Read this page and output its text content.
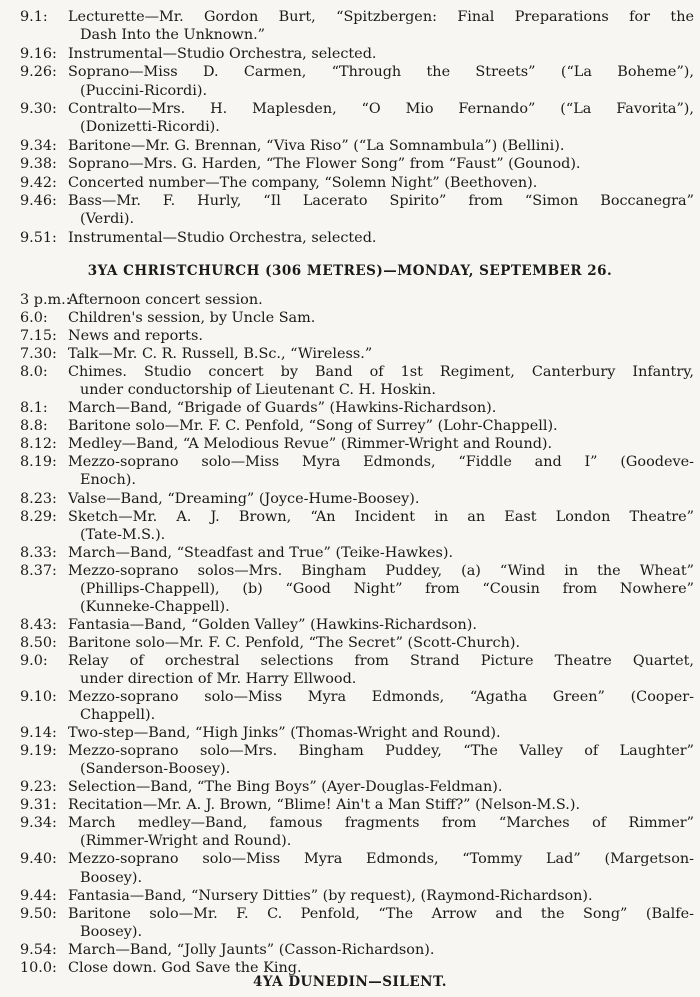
9.1: Lecturette—Mr. Gordon Burt, “Spitzbergen: Final Preparations for the
Dash Into the Unknown.”
9.16: Instrumental—Studio Orchestra, selected.
9.26: Soprano—Miss D. Carmen, “Through the Streets” (“La Boheme”),
(Puccini-Ricordi).
9.30: Contralto—Mrs. H. Maplesden, “O Mio Fernando” (“La Favorita”),
(Donizetti-Ricordi).
9.34: Baritone—Mr. G. Brennan, “Viva Riso” (“La Somnambula”) (Bellini).
9.38: Soprano—Mrs. G. Harden, “The Flower Song” from “Faust” (Gounod).
9.42: Concerted number—The company, “Solemn Night” (Beethoven).
9.46: Bass—Mr. F. Hurly, “Il Lacerato Spirito” from “Simon Boccanegra”
(Verdi).
9.51: Instrumental—Studio Orchestra, selected.
3YA CHRISTCHURCH (306 METRES)—MONDAY, SEPTEMBER 26.
3 p.m.:
Afternoon concert session.
6.0: Children's session, by Uncle Sam.
7.15: News and reports.
7.30: Talk—Mr. C. R. Russell, B.Sc., “Wireless.”
8.0: Chimes. Studio concert by Band of 1st Regiment, Canterbury Infantry,
under conductorship of Lieutenant C. H. Hoskin.
8.1: March—Band, “Brigade of Guards” (Hawkins-Richardson).
8.8: Baritone solo—Mr. F. C. Penfold, “Song of Surrey” (Lohr-Chappell).
8.12: Medley—Band, “A Melodious Revue” (Rimmer-Wright and Round).
8.19: Mezzo-soprano solo—Miss Myra Edmonds, “Fiddle and I” (Goodeve-
Enoch).
8.23: Valse—Band, “Dreaming” (Joyce-Hume-Boosey).
8.29: Sketch—Mr. A. J. Brown, “An Incident in an East London Theatre”
(Tate-M.S.).
8.33: March—Band, “Steadfast and True” (Teike-Hawkes).
8.37: Mezzo-soprano solos—Mrs. Bingham Puddey, (a) “Wind in the Wheat”
(Phillips-Chappell), (b) “Good Night” from “Cousin from Nowhere”
(Kunneke-Chappell).
8.43: Fantasia—Band, “Golden Valley” (Hawkins-Richardson).
8.50: Baritone solo—Mr. F. C. Penfold, “The Secret” (Scott-Church).
9.0: Relay of orchestral selections from Strand Picture Theatre Quartet,
under direction of Mr. Harry Ellwood.
9.10: Mezzo-soprano solo—Miss Myra Edmonds, “Agatha Green” (Cooper-
Chappell).
9.14: Two-step—Band, “High Jinks” (Thomas-Wright and Round).
9.19: Mezzo-soprano solo—Mrs. Bingham Puddey, “The Valley of Laughter”
(Sanderson-Boosey).
9.23: Selection—Band, “The Bing Boys” (Ayer-Douglas-Feldman).
9.31: Recitation—Mr. A. J. Brown, “Blime! Ain't a Man Stiff?” (Nelson-M.S.).
9.34: March medley—Band, famous fragments from “Marches of Rimmer”
(Rimmer-Wright and Round).
9.40: Mezzo-soprano solo—Miss Myra Edmonds, “Tommy Lad” (Margetson-
Boosey).
9.44: Fantasia—Band, “Nursery Ditties” (by request), (Raymond-Richardson).
9.50: Baritone solo—Mr. F. C. Penfold, “The Arrow and the Song” (Balfe-
Boosey).
9.54: March—Band, “Jolly Jaunts” (Casson-Richardson).
10.0: Close down. God Save the King.
4YA DUNEDIN—SILENT.
